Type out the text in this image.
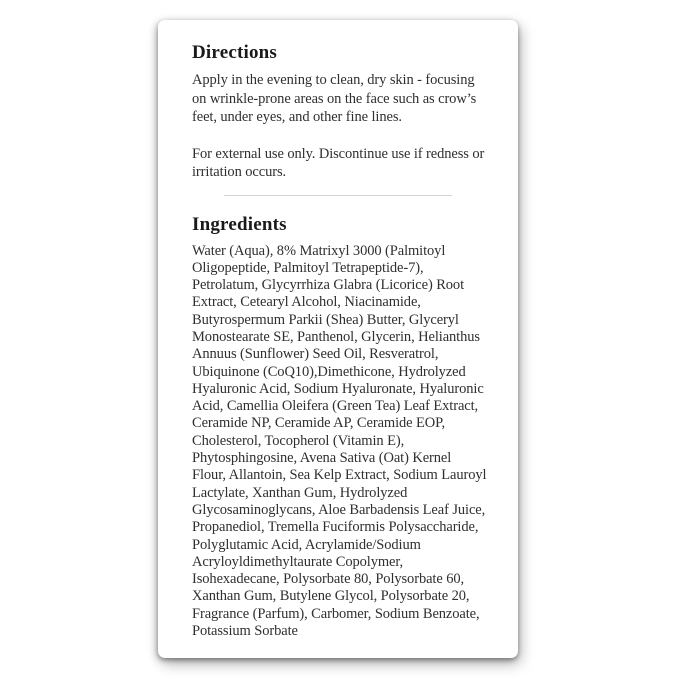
Directions

Apply in the evening to clean, dry skin - focusing on wrinkle-prone areas on the face such as crow’s feet, under eyes, and other fine lines.

For external use only. Discontinue use if redness or irritation occurs.

Ingredients

Water (Aqua), 8% Matrixyl 3000 (Palmitoyl Oligopeptide, Palmitoyl Tetrapeptide-7), Petrolatum, Glycyrrhiza Glabra (Licorice) Root Extract, Cetearyl Alcohol, Niacinamide, Butyrospermum Parkii (Shea) Butter, Glyceryl Monostearate SE, Panthenol, Glycerin, Helianthus Annuus (Sunflower) Seed Oil, Resveratrol, Ubiquinone (CoQ10),Dimethicone, Hydrolyzed Hyaluronic Acid, Sodium Hyaluronate, Hyaluronic Acid, Camellia Oleifera (Green Tea) Leaf Extract, Ceramide NP, Ceramide AP, Ceramide EOP, Cholesterol, Tocopherol (Vitamin E), Phytosphingosine, Avena Sativa (Oat) Kernel Flour, Allantoin, Sea Kelp Extract, Sodium Lauroyl Lactylate, Xanthan Gum, Hydrolyzed Glycosaminoglycans, Aloe Barbadensis Leaf Juice, Propanediol, Tremella Fuciformis Polysaccharide, Polyglutamic Acid, Acrylamide/Sodium Acryloyldimethyltaurate Copolymer, Isohexadecane, Polysorbate 80, Polysorbate 60, Xanthan Gum, Butylene Glycol, Polysorbate 20, Fragrance (Parfum), Carbomer, Sodium Benzoate, Potassium Sorbate
